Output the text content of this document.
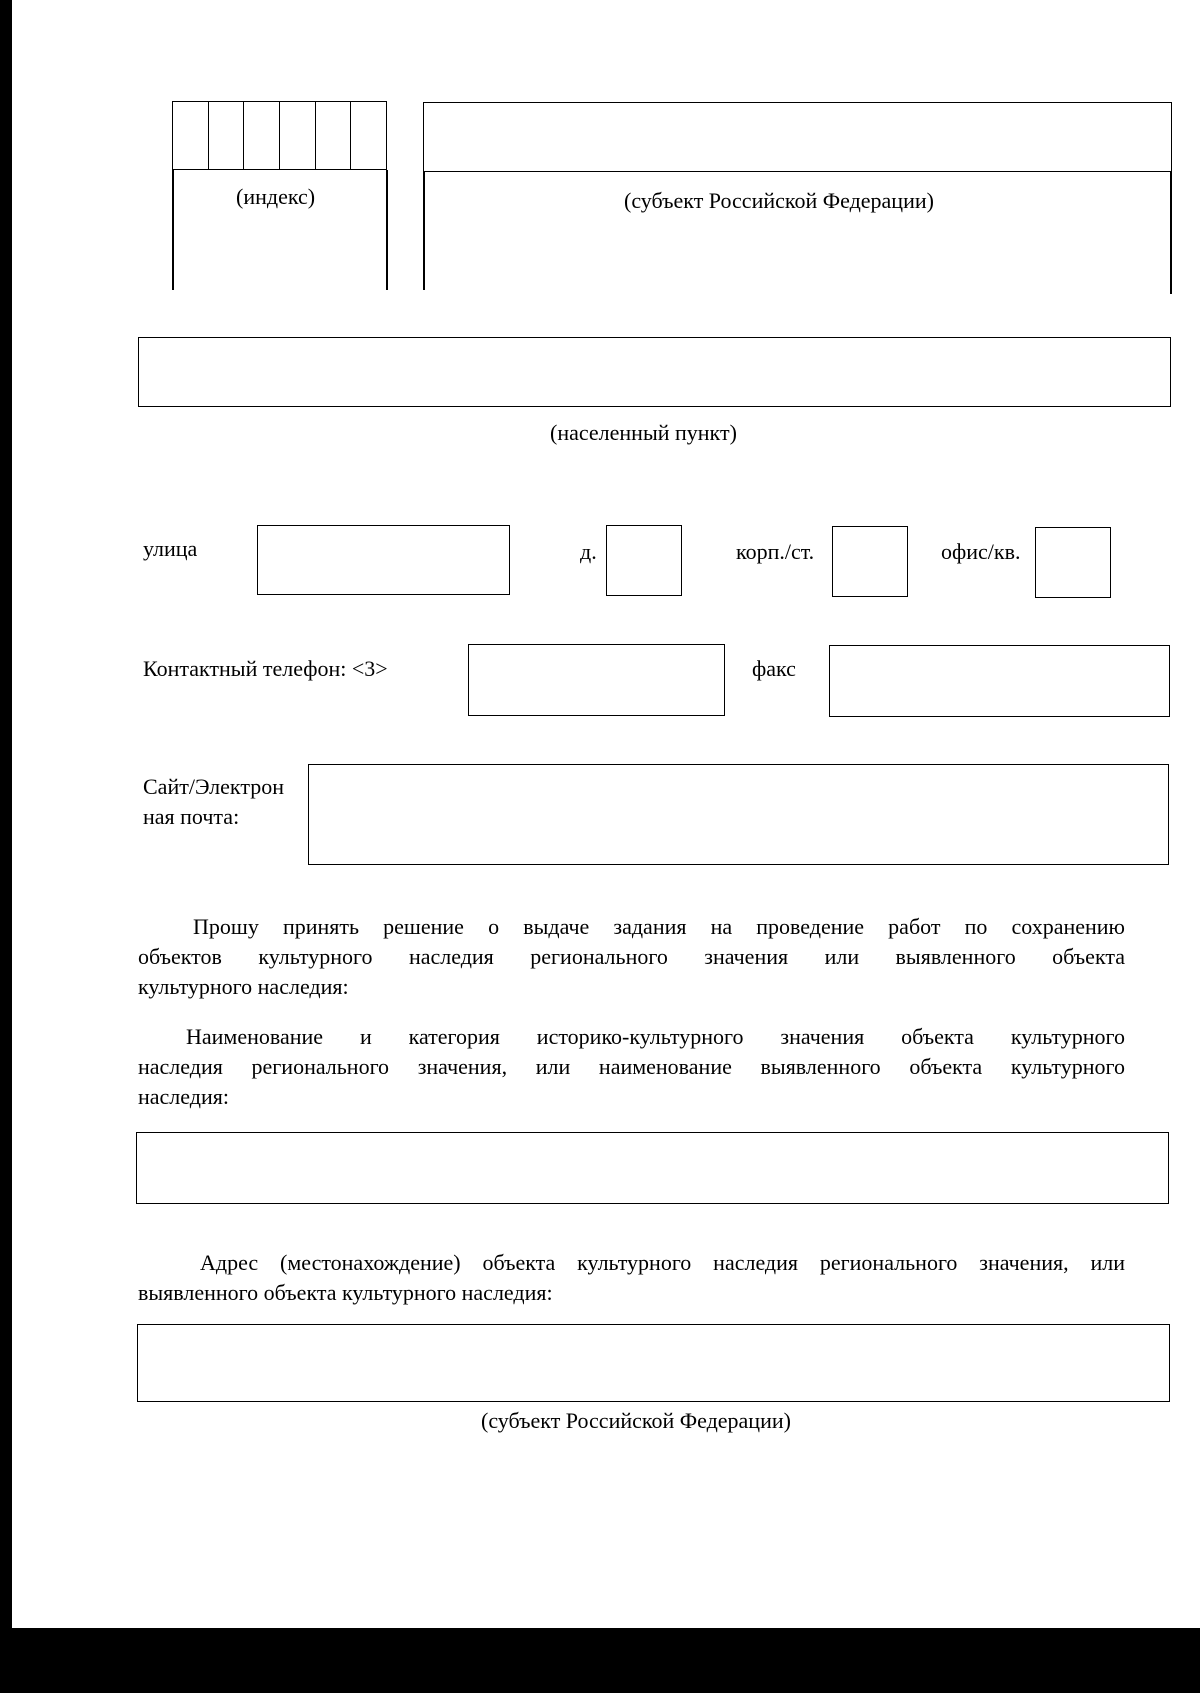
(индекс)	(субъект Российской Федерации)
(населенный пункт)
улица	д.	корп./ст.	офис/кв.
Контактный телефон: <3>	факс
Сайт/Электрон
ная почта:
Прошу принять решение о выдаче задания на проведение работ по сохранению
объектов культурного наследия регионального значения или выявленного объекта
культурного наследия:
Наименование и категория историко-культурного значения объекта культурного
наследия регионального значения, или наименование выявленного объекта культурного
наследия:
Адрес (местонахождение) объекта культурного наследия регионального значения, или
выявленного объекта культурного наследия:
(субъект Российской Федерации)
